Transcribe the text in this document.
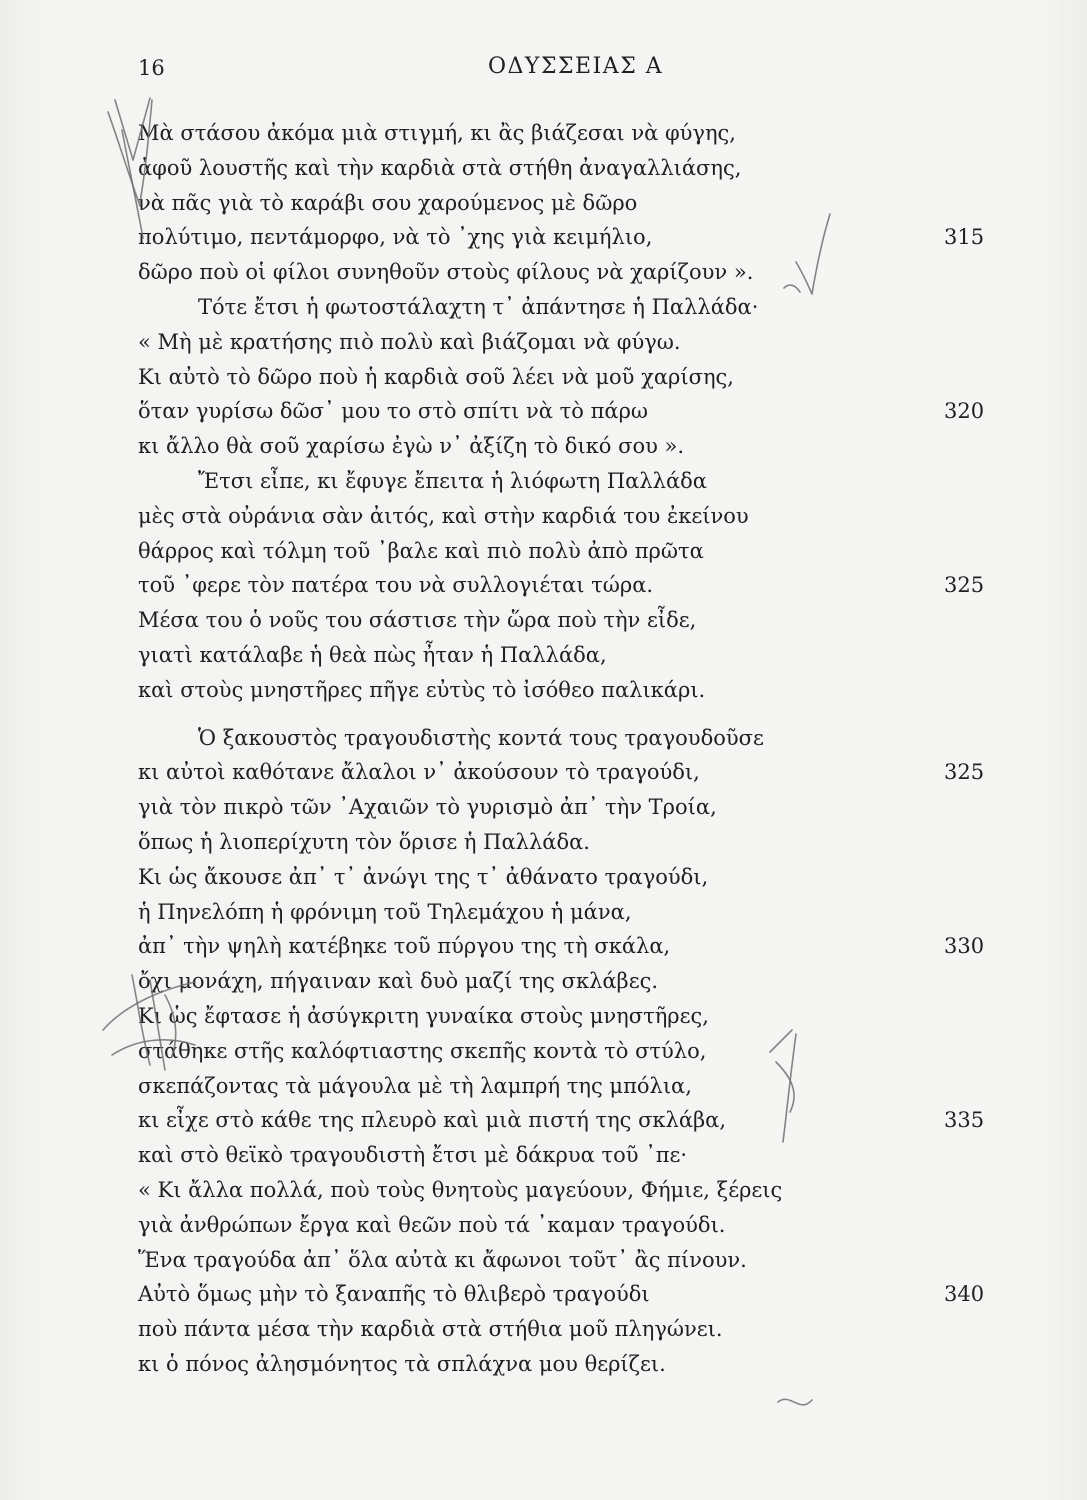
16	ΟΔΥΣΣΕΙΑΣ Α
Μὰ στάσου ἀκόμα μιὰ στιγμή, κι ἂς βιάζεσαι νὰ φύγης,
ἀφοῦ λουστῆς καὶ τὴν καρδιὰ στὰ στήθη ἀναγαλλιάσης,
νὰ πᾶς γιὰ τὸ καράβι σου χαρούμενος μὲ δῶρο
πολύτιμο, πεντάμορφο, νὰ τὸ ᾿χης γιὰ κειμήλιο,	315
δῶρο ποὺ οἱ φίλοι συνηθοῦν στοὺς φίλους νὰ χαρίζουν ».
Τότε ἔτσι ἡ φωτοστάλαχτη τ᾿ ἀπάντησε ἡ Παλλάδα·
« Μὴ μὲ κρατήσης πιὸ πολὺ καὶ βιάζομαι νὰ φύγω.
Κι αὐτὸ τὸ δῶρο ποὺ ἡ καρδιὰ σοῦ λέει νὰ μοῦ χαρίσης,
ὅταν γυρίσω δῶσ᾿ μου το στὸ σπίτι νὰ τὸ πάρω	320
κι ἄλλο θὰ σοῦ χαρίσω ἐγὼ ν᾿ ἀξίζη τὸ δικό σου ».
Ἔτσι εἶπε, κι ἔφυγε ἔπειτα ἡ λιόφωτη Παλλάδα
μὲς στὰ οὐράνια σὰν ἀιτός, καὶ στὴν καρδιά του ἐκείνου
θάρρος καὶ τόλμη τοῦ ᾿βαλε καὶ πιὸ πολὺ ἀπὸ πρῶτα
τοῦ ᾿φερε τὸν πατέρα του νὰ συλλογιέται τώρα.	325
Μέσα του ὁ νοῦς του σάστισε τὴν ὥρα ποὺ τὴν εἶδε,
γιατὶ κατάλαβε ἡ θεὰ πὼς ἦταν ἡ Παλλάδα,
καὶ στοὺς μνηστῆρες πῆγε εὐτὺς τὸ ἰσόθεο παλικάρι.
Ὁ ξακουστὸς τραγουδιστὴς κοντά τους τραγουδοῦσε
κι αὐτοὶ καθότανε ἄλαλοι ν᾿ ἀκούσουν τὸ τραγούδι,	325
γιὰ τὸν πικρὸ τῶν ᾿Αχαιῶν τὸ γυρισμὸ ἀπ᾿ τὴν Τροία,
ὅπως ἡ λιοπερίχυτη τὸν ὅρισε ἡ Παλλάδα.
Κι ὡς ἄκουσε ἀπ᾿ τ᾿ ἀνώγι της τ᾿ ἀθάνατο τραγούδι,
ἡ Πηνελόπη ἡ φρόνιμη τοῦ Τηλεμάχου ἡ μάνα,
ἀπ᾿ τὴν ψηλὴ κατέβηκε τοῦ πύργου της τὴ σκάλα,	330
ὄχι μονάχη, πήγαιναν καὶ δυὸ μαζί της σκλάβες.
Κι ὡς ἔφτασε ἡ ἀσύγκριτη γυναίκα στοὺς μνηστῆρες,
στάθηκε στῆς καλόφτιαστης σκεπῆς κοντὰ τὸ στύλο,
σκεπάζοντας τὰ μάγουλα μὲ τὴ λαμπρή της μπόλια,
κι εἶχε στὸ κάθε της πλευρὸ καὶ μιὰ πιστή της σκλάβα,	335
καὶ στὸ θεϊκὸ τραγουδιστὴ ἔτσι μὲ δάκρυα τοῦ ᾿πε·
« Κι ἄλλα πολλά, ποὺ τοὺς θνητοὺς μαγεύουν, Φήμιε, ξέρεις
γιὰ ἀνθρώπων ἔργα καὶ θεῶν ποὺ τά ᾿καμαν τραγούδι.
Ἕνα τραγούδα ἀπ᾿ ὅλα αὐτὰ κι ἄφωνοι τοῦτ᾿ ἂς πίνουν.
Αὐτὸ ὅμως μὴν τὸ ξαναπῆς τὸ θλιβερὸ τραγούδι	340
ποὺ πάντα μέσα τὴν καρδιὰ στὰ στήθια μοῦ πληγώνει.
κι ὁ πόνος ἀλησμόνητος τὰ σπλάχνα μου θερίζει.
